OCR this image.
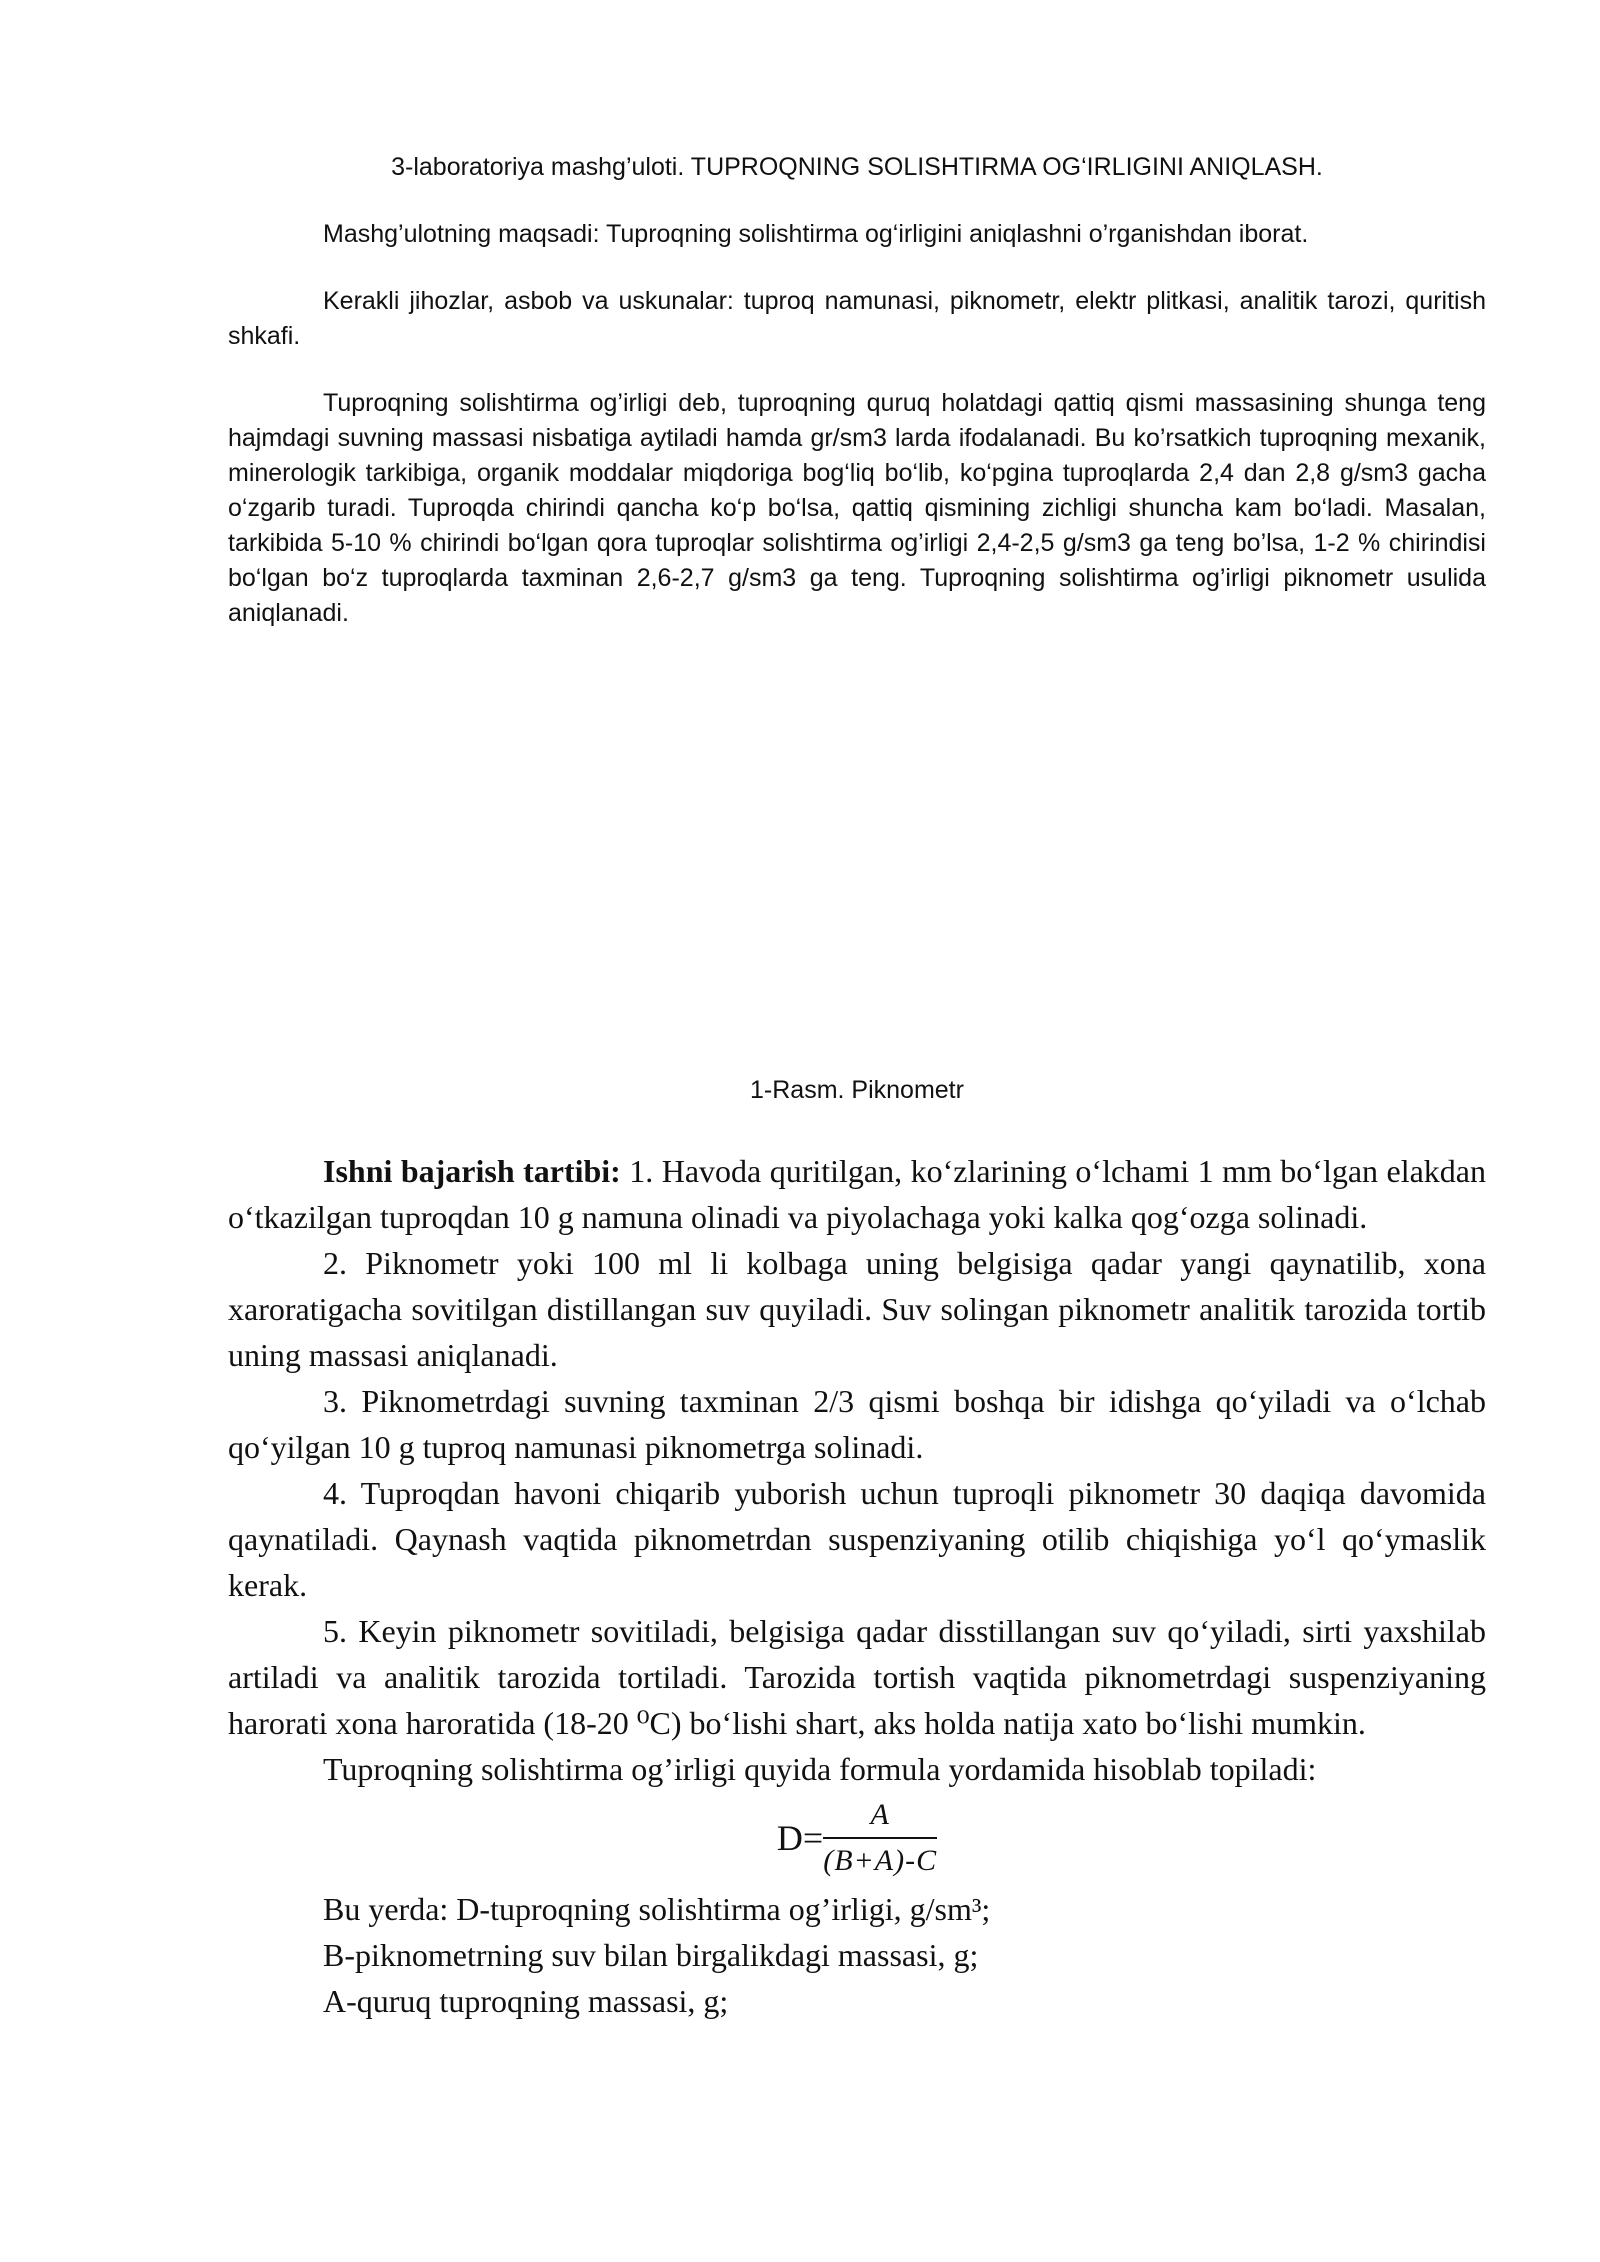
3-laboratoriya mashg’uloti. TUPROQNING SOLISHTIRMA OG‘IRLIGINI ANIQLASH.

Mashg’ulotning maqsadi: Tuproqning solishtirma og‘irligini aniqlashni o’rganishdan iborat.

Kerakli jihozlar, asbob va uskunalar: tuproq namunasi, piknometr, elektr plitkasi, analitik tarozi, quritish shkafi.

Tuproqning solishtirma og’irligi deb, tuproqning quruq holatdagi qattiq qismi massasining shunga teng hajmdagi suvning massasi nisbatiga aytiladi hamda gr/sm3 larda ifodalanadi. Bu ko’rsatkich tuproqning mexanik, minerologik tarkibiga, organik moddalar miqdoriga bog‘liq bo‘lib, ko‘pgina tuproqlarda 2,4 dan 2,8 g/sm3 gacha o‘zgarib turadi. Tuproqda chirindi qancha ko‘p bo‘lsa, qattiq qismining zichligi shuncha kam bo‘ladi. Masalan, tarkibida 5-10 % chirindi bo‘lgan qora tuproqlar solishtirma og’irligi 2,4-2,5 g/sm3 ga teng bo’lsa, 1-2 % chirindisi bo‘lgan bo‘z tuproqlarda taxminan 2,6-2,7 g/sm3 ga teng. Tuproqning solishtirma og’irligi piknometr usulida aniqlanadi.

1-Rasm. Piknometr

Ishni bajarish tartibi: 1. Havoda quritilgan, ko‘zlarining o‘lchami 1 mm bo‘lgan elakdan o‘tkazilgan tuproqdan 10 g namuna olinadi va piyolachaga yoki kalka qog‘ozga solinadi.

2. Piknometr yoki 100 ml li kolbaga uning belgisiga qadar yangi qaynatilib, xona xaroratigacha sovitilgan distillangan suv quyiladi. Suv solingan piknometr analitik tarozida tortib uning massasi aniqlanadi.

3. Piknometrdagi suvning taxminan 2/3 qismi boshqa bir idishga qo‘yiladi va o‘lchab qo‘yilgan 10 g tuproq namunasi piknometrga solinadi.

4. Tuproqdan havoni chiqarib yuborish uchun tuproqli piknometr 30 daqiqa davomida qaynatiladi. Qaynash vaqtida piknometrdan suspenziyaning otilib chiqishiga yo‘l qo‘ymaslik kerak.

5. Keyin piknometr sovitiladi, belgisiga qadar disstillangan suv qo‘yiladi, sirti yaxshilab artiladi va analitik tarozida tortiladi. Tarozida tortish vaqtida piknometrdagi suspenziyaning harorati xona haroratida (18-20 ⁰C) bo‘lishi shart, aks holda natija xato bo‘lishi mumkin.

Tuproqning solishtirma og’irligi quyida formula yordamida hisoblab topiladi:

$D= \frac{A}{(B+A)-C}$

Bu yerda: D-tuproqning solishtirma og’irligi, g/sm³;

B-piknometrning suv bilan birgalikdagi massasi, g;

A-quruq tuproqning massasi, g;
